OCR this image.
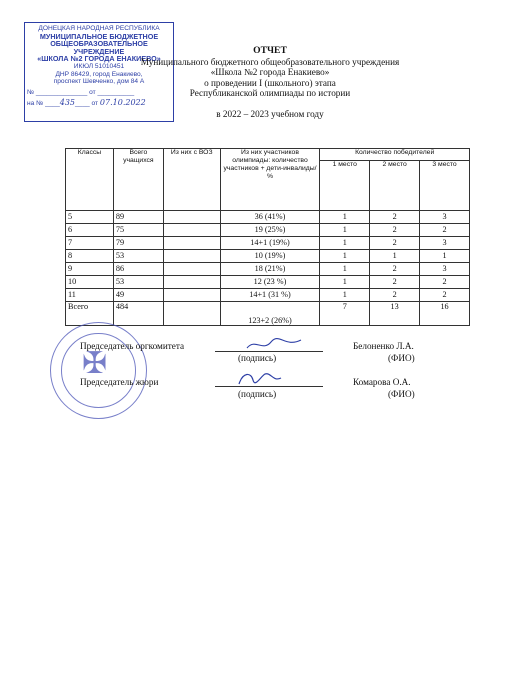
ДОНЕЦКАЯ НАРОДНАЯ РЕСПУБЛИКА
МУНИЦИПАЛЬНОЕ БЮДЖЕТНОЕ
ОБЩЕОБРАЗОВАТЕЛЬНОЕ УЧРЕЖДЕНИЕ
«ШКОЛА №2 ГОРОДА ЕНАКИЕВО»
ИКЮЛ 51010451
ДНР 86429, город Енакиево,
проспект Шевченко, дом 84 А
№ ______________ от __________
на № ____435____ от 07.10.2022
ОТЧЕТ
Муниципального бюджетного общеобразовательного учреждения
«Школа №2 города Енакиево»
о проведении I (школьного) этапа
Республиканской олимпиады по истории
в 2022 – 2023 учебном году
Классы	Всего учащихся	Из них с ВОЗ	Из них участников олимпиады: количество участников + дети-инвалиды/ %	Количество победителей		
				1 место	2 место	3 место
5	89		36 (41%)	1	2	3
6	75		19 (25%)	1	2	2
7	79		14+1 (19%)	1	2	3
8	53		10 (19%)	1	1	1
9	86		18 (21%)	1	2	3
10	53		12 (23 %)	1	2	2
11	49		14+1 (31 %)	1	2	2
Всего	484		123+2 (26%)	7	13	16
✠
Председатель оргкомитета
(подпись)
Белоненко Л.А.
(ФИО)
Председатель жюри
(подпись)
Комарова О.А.
(ФИО)
